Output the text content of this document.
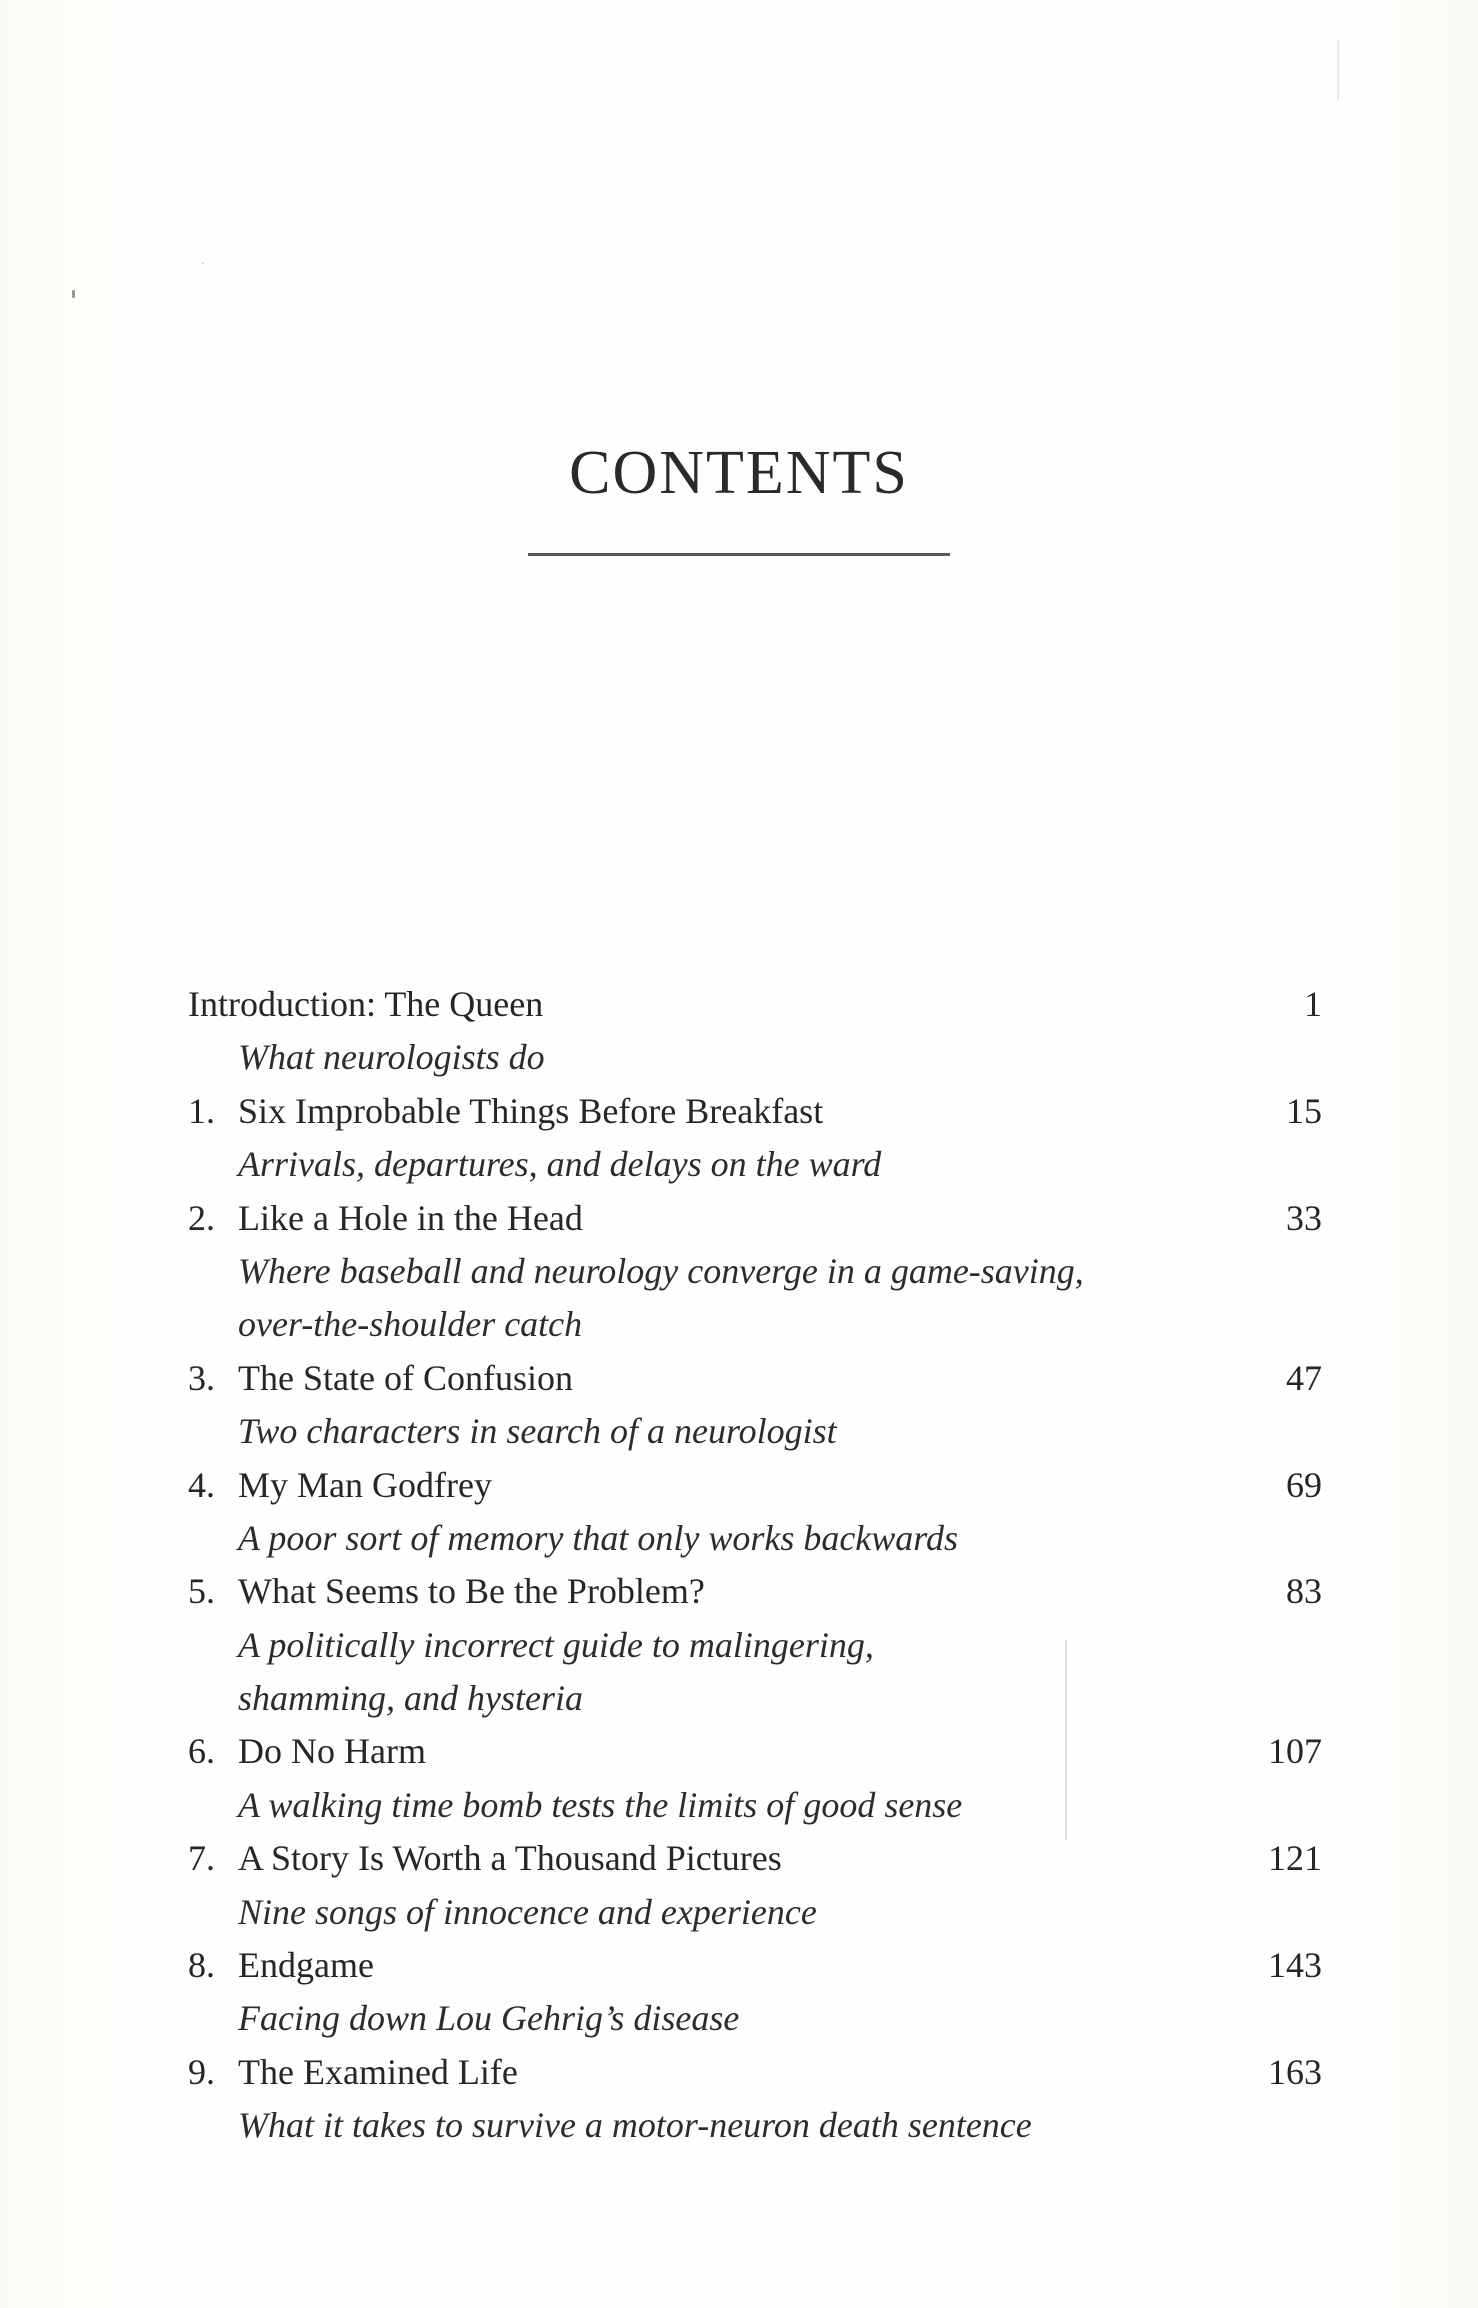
CONTENTS
Introduction: The Queen	1
What neurologists do
1. Six Improbable Things Before Breakfast	15
Arrivals, departures, and delays on the ward
2. Like a Hole in the Head	33
Where baseball and neurology converge in a game-saving,
over-the-shoulder catch
3. The State of Confusion	47
Two characters in search of a neurologist
4. My Man Godfrey	69
A poor sort of memory that only works backwards
5. What Seems to Be the Problem?	83
A politically incorrect guide to malingering,
shamming, and hysteria
6. Do No Harm	107
A walking time bomb tests the limits of good sense
7. A Story Is Worth a Thousand Pictures	121
Nine songs of innocence and experience
8. Endgame	143
Facing down Lou Gehrig’s disease
9. The Examined Life	163
What it takes to survive a motor-neuron death sentence
